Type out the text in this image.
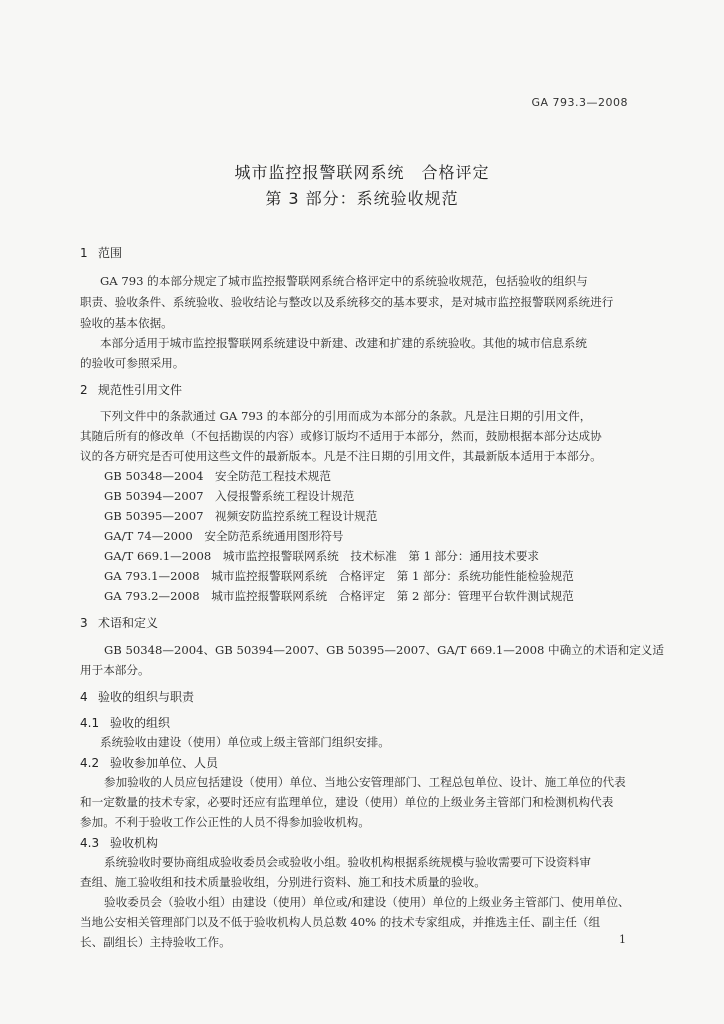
GA 793.3—2008
城市监控报警联网系统　合格评定
第 3 部分：系统验收规范
1 范围
GA 793 的本部分规定了城市监控报警联网系统合格评定中的系统验收规范，包括验收的组织与
职责、验收条件、系统验收、验收结论与整改以及系统移交的基本要求，是对城市监控报警联网系统进行
验收的基本依据。
本部分适用于城市监控报警联网系统建设中新建、改建和扩建的系统验收。其他的城市信息系统
的验收可参照采用。
2 规范性引用文件
下列文件中的条款通过 GA 793 的本部分的引用而成为本部分的条款。凡是注日期的引用文件，
其随后所有的修改单（不包括勘误的内容）或修订版均不适用于本部分，然而，鼓励根据本部分达成协
议的各方研究是否可使用这些文件的最新版本。凡是不注日期的引用文件，其最新版本适用于本部分。
GB 50348—2004　安全防范工程技术规范
GB 50394—2007　入侵报警系统工程设计规范
GB 50395—2007　视频安防监控系统工程设计规范
GA/T 74—2000　安全防范系统通用图形符号
GA/T 669.1—2008　城市监控报警联网系统　技术标准　第 1 部分：通用技术要求
GA 793.1—2008　城市监控报警联网系统　合格评定　第 1 部分：系统功能性能检验规范
GA 793.2—2008　城市监控报警联网系统　合格评定　第 2 部分：管理平台软件测试规范
3 术语和定义
GB 50348—2004、GB 50394—2007、GB 50395—2007、GA/T 669.1—2008 中确立的术语和定义适
用于本部分。
4 验收的组织与职责
4.1 验收的组织
系统验收由建设（使用）单位或上级主管部门组织安排。
4.2 验收参加单位、人员
参加验收的人员应包括建设（使用）单位、当地公安管理部门、工程总包单位、设计、施工单位的代表
和一定数量的技术专家，必要时还应有监理单位，建设（使用）单位的上级业务主管部门和检测机构代表
参加。不利于验收工作公正性的人员不得参加验收机构。
4.3 验收机构
系统验收时要协商组成验收委员会或验收小组。验收机构根据系统规模与验收需要可下设资料审
查组、施工验收组和技术质量验收组，分别进行资料、施工和技术质量的验收。
验收委员会（验收小组）由建设（使用）单位或/和建设（使用）单位的上级业务主管部门、使用单位、
当地公安相关管理部门以及不低于验收机构人员总数 40% 的技术专家组成，并推选主任、副主任（组
长、副组长）主持验收工作。	1
